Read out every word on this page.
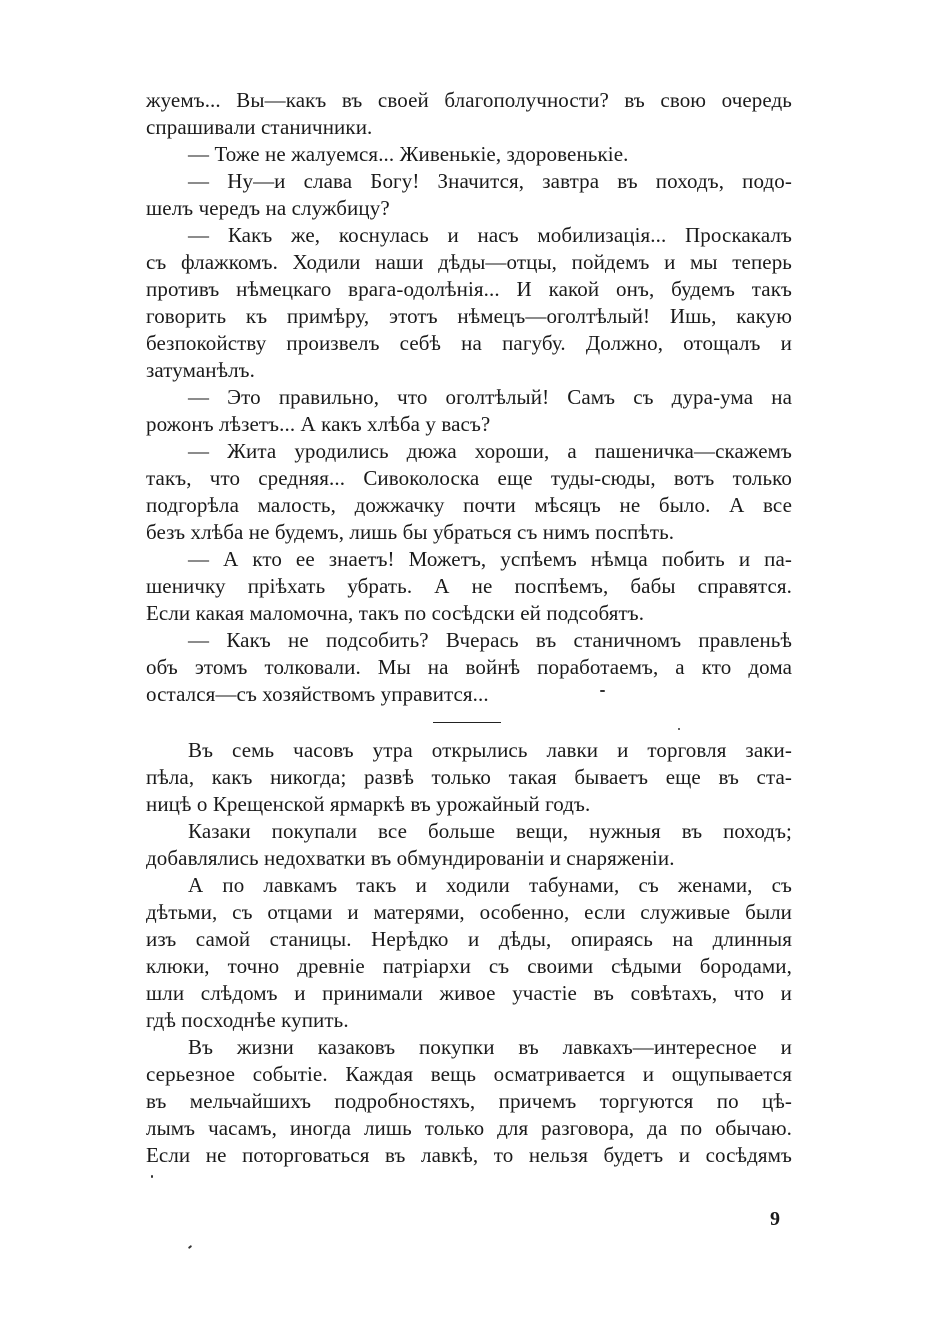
жуемъ... Вы—какъ въ своей благополучности? въ свою очередь
спрашивали станичники.
— Тоже не жалуемся... Живенькіе, здоровенькіе.
— Ну—и слава Богу! Значится, завтра въ походъ, подо-
шелъ чередъ на службицу?
— Какъ же, коснулась и насъ мобилизація... Проскакалъ
съ флажкомъ. Ходили наши дѣды—отцы, пойдемъ и мы теперь
противъ нѣмецкаго врага-одолѣнія... И какой онъ, будемъ такъ
говорить къ примѣру, этотъ нѣмецъ—оголтѣлый! Ишь, какую
безпокойству произвелъ себѣ на пагубу. Должно, отощалъ и
затуманѣлъ.
— Это правильно, что оголтѣлый! Самъ съ дура-ума на
рожонъ лѣзетъ... А какъ хлѣба у васъ?
— Жита уродились дюжа хороши, а пашеничка—скажемъ
такъ, что средняя... Сивоколоска еще туды-сюды, вотъ только
подгорѣла малость, дожжачку почти мѣсяцъ не было. А все
безъ хлѣба не будемъ, лишь бы убраться съ нимъ поспѣть.
— А кто ее знаетъ! Можетъ, успѣемъ нѣмца побить и па-
шеничку пріѣхать убрать. А не поспѣемъ, бабы справятся.
Если какая маломочна, такъ по сосѣдски ей подсобятъ.
— Какъ не подсобить? Вчерась въ станичномъ правленьѣ
объ этомъ толковали. Мы на войнѣ поработаемъ, а кто дома
остался—съ хозяйствомъ управится...
Въ семь часовъ утра открылись лавки и торговля заки-
пѣла, какъ никогда; развѣ только такая бываетъ еще въ ста-
ницѣ о Крещенской ярмаркѣ въ урожайный годъ.
Казаки покупали все больше вещи, нужныя въ походъ;
добавлялись недохватки въ обмундированіи и снаряженіи.
А по лавкамъ такъ и ходили табунами, съ женами, съ
дѣтьми, съ отцами и матерями, особенно, если служивые были
изъ самой станицы. Нерѣдко и дѣды, опираясь на длинныя
клюки, точно древніе патріархи съ своими сѣдыми бородами,
шли слѣдомъ и принимали живое участіе въ совѣтахъ, что и
гдѣ посходнѣе купить.
Въ жизни казаковъ покупки въ лавкахъ—интересное и
серьезное событіе. Каждая вещь осматривается и ощупывается
въ мельчайшихъ подробностяхъ, причемъ торгуются по цѣ-
лымъ часамъ, иногда лишь только для разговора, да по обычаю.
Если не поторговаться въ лавкѣ, то нельзя будетъ и сосѣдямъ
9
